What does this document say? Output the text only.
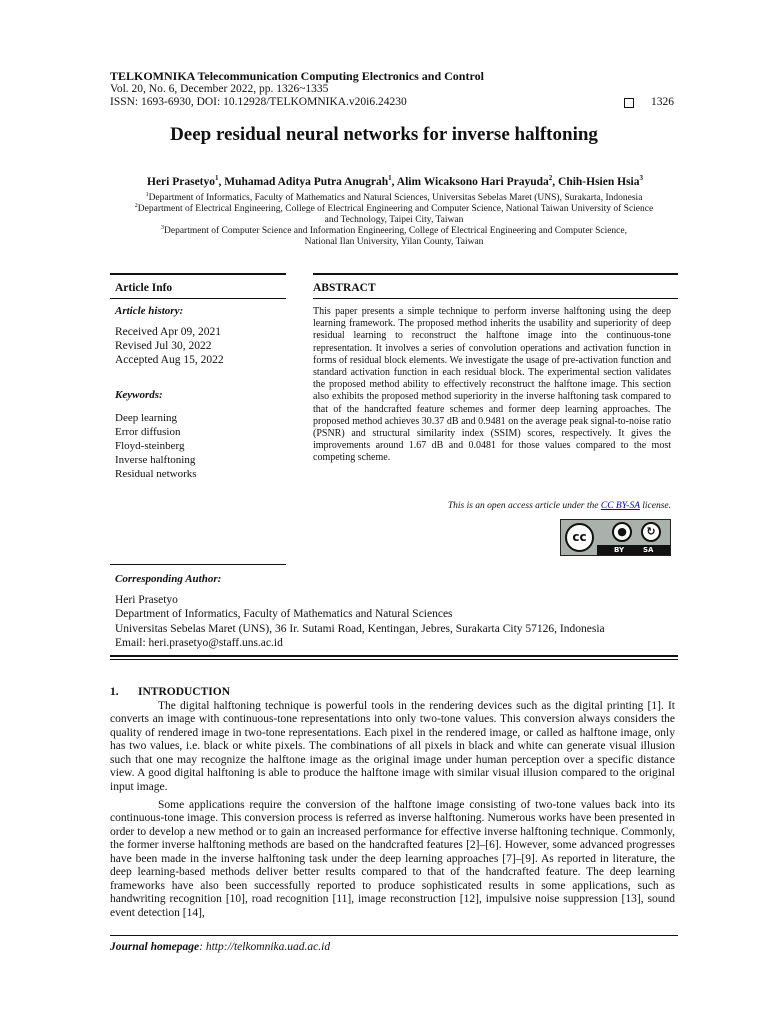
TELKOMNIKA Telecommunication Computing Electronics and Control
Vol. 20, No. 6, December 2022, pp. 1326~1335
ISSN: 1693-6930, DOI: 10.12928/TELKOMNIKA.v20i6.24230	1326
Deep residual neural networks for inverse halftoning
Heri Prasetyo$^1$, Muhamad Aditya Putra Anugrah$^1$, Alim Wicaksono Hari Prayuda$^2$, Chih-Hsien Hsia$^3$
$^1$Department of Informatics, Faculty of Mathematics and Natural Sciences, Universitas Sebelas Maret (UNS), Surakarta, Indonesia
$^2$Department of Electrical Engineering, College of Electrical Engineering and Computer Science, National Taiwan University of Science
and Technology, Taipei City, Taiwan
$^3$Department of Computer Science and Information Engineering, College of Electrical Engineering and Computer Science,
National Ilan University, Yilan County, Taiwan
Article Info	ABSTRACT
Article history:
Received Apr 09, 2021
Revised Jul 30, 2022
Accepted Aug 15, 2022
Keywords:
Deep learning
Error diffusion
Floyd-steinberg
Inverse halftoning
Residual networks
This paper presents a simple technique to perform inverse halftoning using the deep learning framework. The proposed method inherits the usability and superiority of deep residual learning to reconstruct the halftone image into the continuous-tone representation. It involves a series of convolution operations and activation function in forms of residual block elements. We investigate the usage of pre-activation function and standard activation function in each residual block. The experimental section validates the proposed method ability to effectively reconstruct the halftone image. This section also exhibits the proposed method superiority in the inverse halftoning task compared to that of the handcrafted feature schemes and former deep learning approaches. The proposed method achieves 30.37 dB and 0.9481 on the average peak signal-to-noise ratio (PSNR) and structural similarity index (SSIM) scores, respectively. It gives the improvements around 1.67 dB and 0.0481 for those values compared to the most competing scheme.
This is an open access article under the CC BY-SA license.
cc	●	↻
BY	SA
Corresponding Author:
Heri Prasetyo
Department of Informatics, Faculty of Mathematics and Natural Sciences
Universitas Sebelas Maret (UNS), 36 Ir. Sutami Road, Kentingan, Jebres, Surakarta City 57126, Indonesia
Email: heri.prasetyo@staff.uns.ac.id
1. INTRODUCTION
The digital halftoning technique is powerful tools in the rendering devices such as the digital printing [1]. It converts an image with continuous-tone representations into only two-tone values. This conversion always considers the quality of rendered image in two-tone representations. Each pixel in the rendered image, or called as halftone image, only has two values, i.e. black or white pixels. The combinations of all pixels in black and white can generate visual illusion such that one may recognize the halftone image as the original image under human perception over a specific distance view. A good digital halftoning is able to produce the halftone image with similar visual illusion compared to the original input image.
Some applications require the conversion of the halftone image consisting of two-tone values back into its continuous-tone image. This conversion process is referred as inverse halftoning. Numerous works have been presented in order to develop a new method or to gain an increased performance for effective inverse halftoning technique. Commonly, the former inverse halftoning methods are based on the handcrafted features [2]–[6]. However, some advanced progresses have been made in the inverse halftoning task under the deep learning approaches [7]–[9]. As reported in literature, the deep learning-based methods deliver better results compared to that of the handcrafted feature. The deep learning frameworks have also been successfully reported to produce sophisticated results in some applications, such as handwriting recognition [10], road recognition [11], image reconstruction [12], impulsive noise suppression [13], sound event detection [14],
Journal homepage: http://telkomnika.uad.ac.id
